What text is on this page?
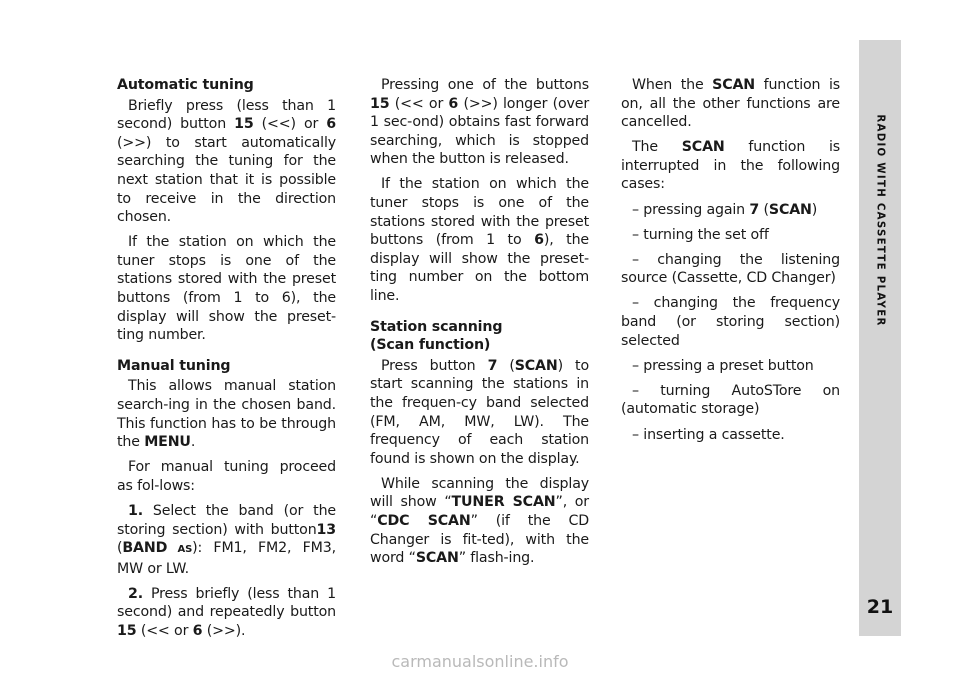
Automatic tuning

Briefly press (less than 1 second) button 15 (<<) or 6 (>>) to start automatically searching the tuning for the next station that it is possible to receive in the direction chosen.

If the station on which the tuner stops is one of the stations stored with the preset buttons (from 1 to 6), the display will show the preset-ting number.

Manual tuning

This allows manual station search-ing in the chosen band. This function has to be through the MENU.

For manual tuning proceed as fol-lows:

1. Select the band (or the storing section) with button13 (BAND AS): FM1, FM2, FM3, MW or LW.

2. Press briefly (less than 1 second) and repeatedly button 15 (<< or 6 (>>).

Pressing one of the buttons 15 (<< or 6 (>>) longer (over 1 sec-ond) obtains fast forward searching, which is stopped when the button is released.

If the station on which the tuner stops is one of the stations stored with the preset buttons (from 1 to 6), the display will show the preset-ting number on the bottom line.

Station scanning
(Scan function)

Press button 7 (SCAN) to start scanning the stations in the frequen-cy band selected (FM, AM, MW, LW). The frequency of each station found is shown on the display.

While scanning the display will show “TUNER SCAN”, or “CDC SCAN” (if the CD Changer is fit-ted), with the word “SCAN” flash-ing.

When the SCAN function is on, all the other functions are cancelled.

The SCAN function is interrupted in the following cases:

– pressing again 7 (SCAN)

– turning the set off

– changing the listening source (Cassette, CD Changer)

– changing the frequency band (or storing section) selected

– pressing a preset button

– turning AutoSTore on (automatic storage)

– inserting a cassette.

RADIO WITH CASSETTE PLAYER
21
carmanualsonline.info
